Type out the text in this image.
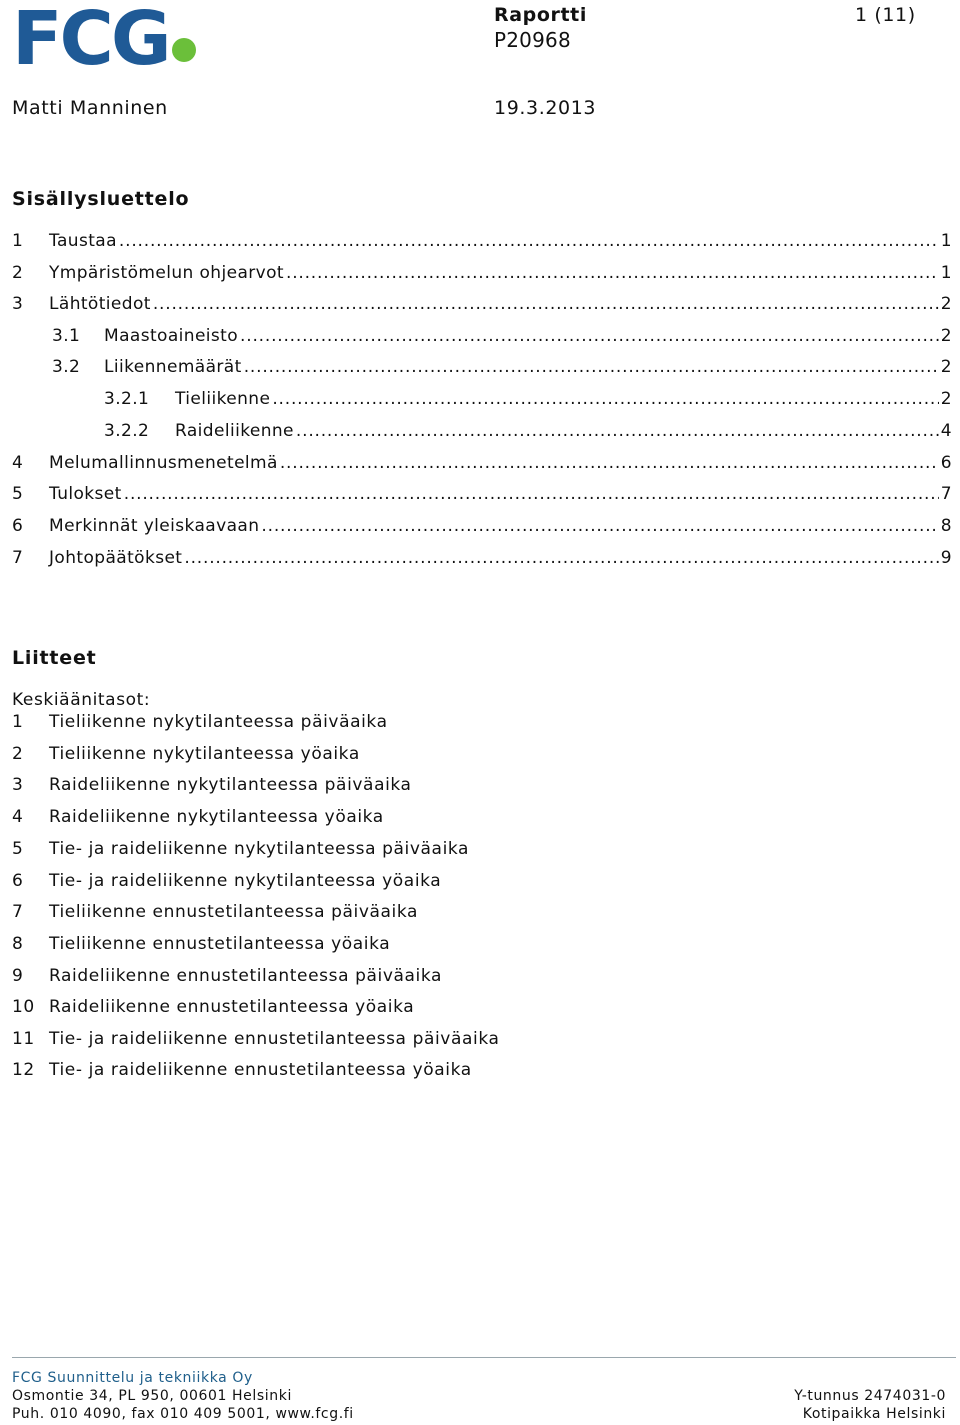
FCG	Raportti	1 (11)
P20968
Matti Manninen	19.3.2013
Sisällysluettelo
1	Taustaa .....	1
2	Ympäristömelun ohjearvot .....	1
3	Lähtötiedot .....	2
3.1	Maastoaineisto .....	2
3.2	Liikennemäärät .....	2
3.2.1	Tieliikenne .....	2
3.2.2	Raideliikenne .....	4
4	Melumallinnusmenetelmä .....	6
5	Tulokset .....	7
6	Merkinnät yleiskaavaan .....	8
7	Johtopäätökset .....	9
Liitteet
Keskiäänitasot:
1 Tieliikenne nykytilanteessa päiväaika
2 Tieliikenne nykytilanteessa yöaika
3 Raideliikenne nykytilanteessa päiväaika
4 Raideliikenne nykytilanteessa yöaika
5 Tie- ja raideliikenne nykytilanteessa päiväaika
6 Tie- ja raideliikenne nykytilanteessa yöaika
7 Tieliikenne ennustetilanteessa päiväaika
8 Tieliikenne ennustetilanteessa yöaika
9 Raideliikenne ennustetilanteessa päiväaika
10 Raideliikenne ennustetilanteessa yöaika
11 Tie- ja raideliikenne ennustetilanteessa päiväaika
12 Tie- ja raideliikenne ennustetilanteessa yöaika
FCG Suunnittelu ja tekniikka Oy
Osmontie 34, PL 950, 00601 Helsinki
Puh. 010 4090, fax 010 409 5001, www.fcg.fi
Y-tunnus 2474031-0
Kotipaikka Helsinki
